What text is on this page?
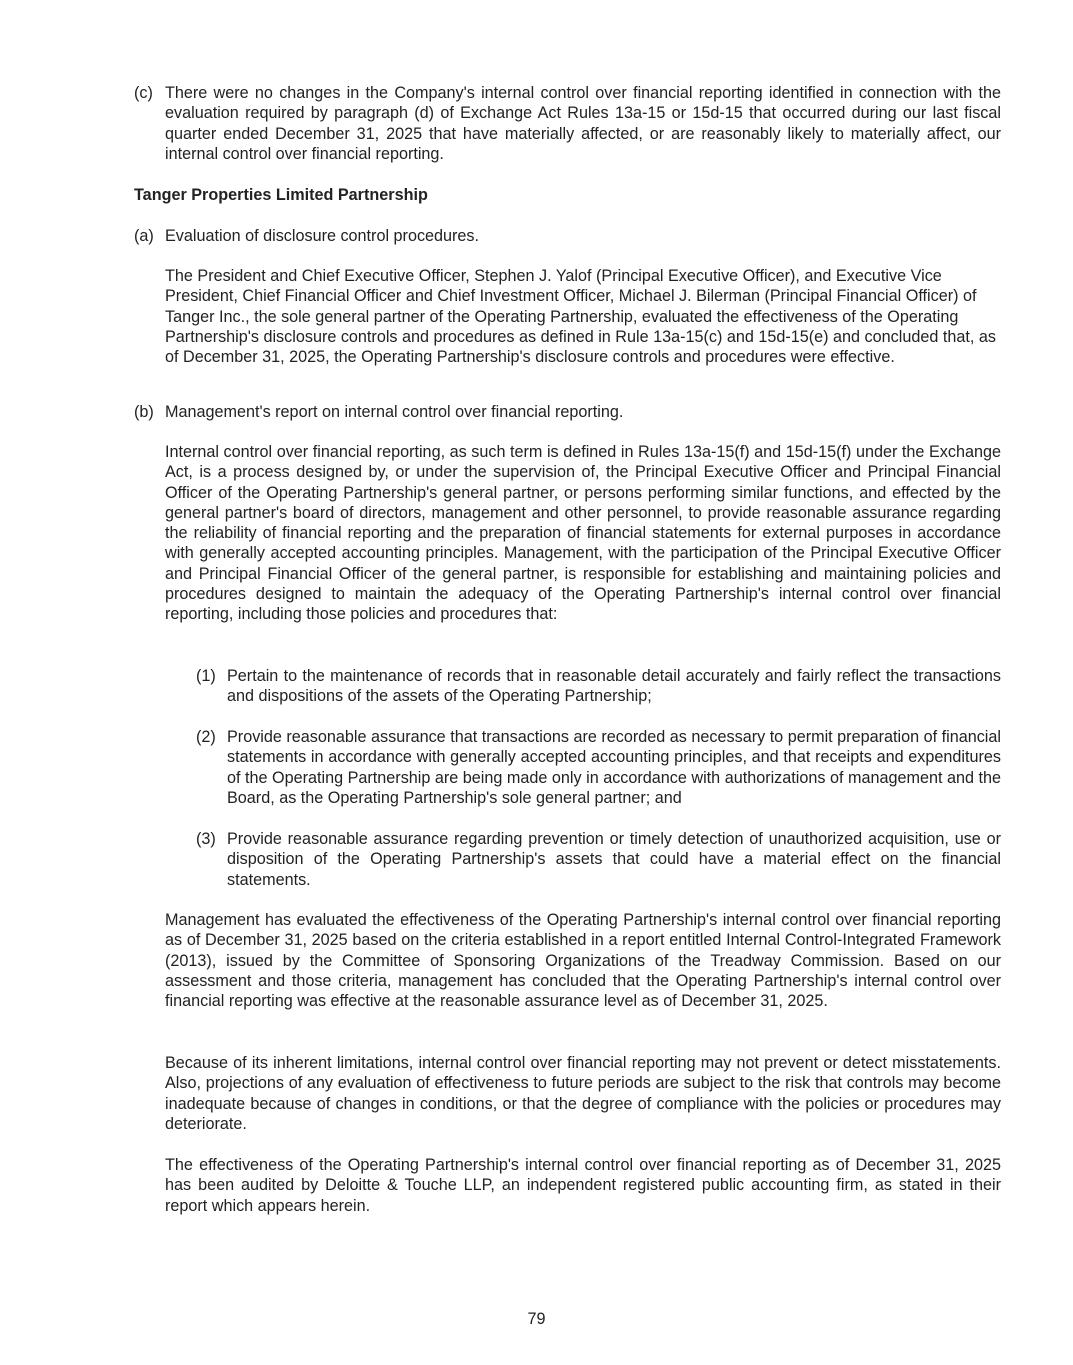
(c) There were no changes in the Company's internal control over financial reporting identified in connection with the evaluation required by paragraph (d) of Exchange Act Rules 13a-15 or 15d-15 that occurred during our last fiscal quarter ended December 31, 2025 that have materially affected, or are reasonably likely to materially affect, our internal control over financial reporting.
Tanger Properties Limited Partnership
(a) Evaluation of disclosure control procedures.
The President and Chief Executive Officer, Stephen J. Yalof (Principal Executive Officer), and Executive Vice President, Chief Financial Officer and Chief Investment Officer, Michael J. Bilerman (Principal Financial Officer) of Tanger Inc., the sole general partner of the Operating Partnership, evaluated the effectiveness of the Operating Partnership's disclosure controls and procedures as defined in Rule 13a-15(c) and 15d-15(e) and concluded that, as of December 31, 2025, the Operating Partnership's disclosure controls and procedures were effective.
(b) Management's report on internal control over financial reporting.
Internal control over financial reporting, as such term is defined in Rules 13a-15(f) and 15d-15(f) under the Exchange Act, is a process designed by, or under the supervision of, the Principal Executive Officer and Principal Financial Officer of the Operating Partnership's general partner, or persons performing similar functions, and effected by the general partner's board of directors, management and other personnel, to provide reasonable assurance regarding the reliability of financial reporting and the preparation of financial statements for external purposes in accordance with generally accepted accounting principles. Management, with the participation of the Principal Executive Officer and Principal Financial Officer of the general partner, is responsible for establishing and maintaining policies and procedures designed to maintain the adequacy of the Operating Partnership's internal control over financial reporting, including those policies and procedures that:
(1) Pertain to the maintenance of records that in reasonable detail accurately and fairly reflect the transactions and dispositions of the assets of the Operating Partnership;
(2) Provide reasonable assurance that transactions are recorded as necessary to permit preparation of financial statements in accordance with generally accepted accounting principles, and that receipts and expenditures of the Operating Partnership are being made only in accordance with authorizations of management and the Board, as the Operating Partnership's sole general partner; and
(3) Provide reasonable assurance regarding prevention or timely detection of unauthorized acquisition, use or disposition of the Operating Partnership's assets that could have a material effect on the financial statements.
Management has evaluated the effectiveness of the Operating Partnership's internal control over financial reporting as of December 31, 2025 based on the criteria established in a report entitled Internal Control-Integrated Framework (2013), issued by the Committee of Sponsoring Organizations of the Treadway Commission. Based on our assessment and those criteria, management has concluded that the Operating Partnership's internal control over financial reporting was effective at the reasonable assurance level as of December 31, 2025.
Because of its inherent limitations, internal control over financial reporting may not prevent or detect misstatements. Also, projections of any evaluation of effectiveness to future periods are subject to the risk that controls may become inadequate because of changes in conditions, or that the degree of compliance with the policies or procedures may deteriorate.
The effectiveness of the Operating Partnership's internal control over financial reporting as of December 31, 2025 has been audited by Deloitte & Touche LLP, an independent registered public accounting firm, as stated in their report which appears herein.
79
